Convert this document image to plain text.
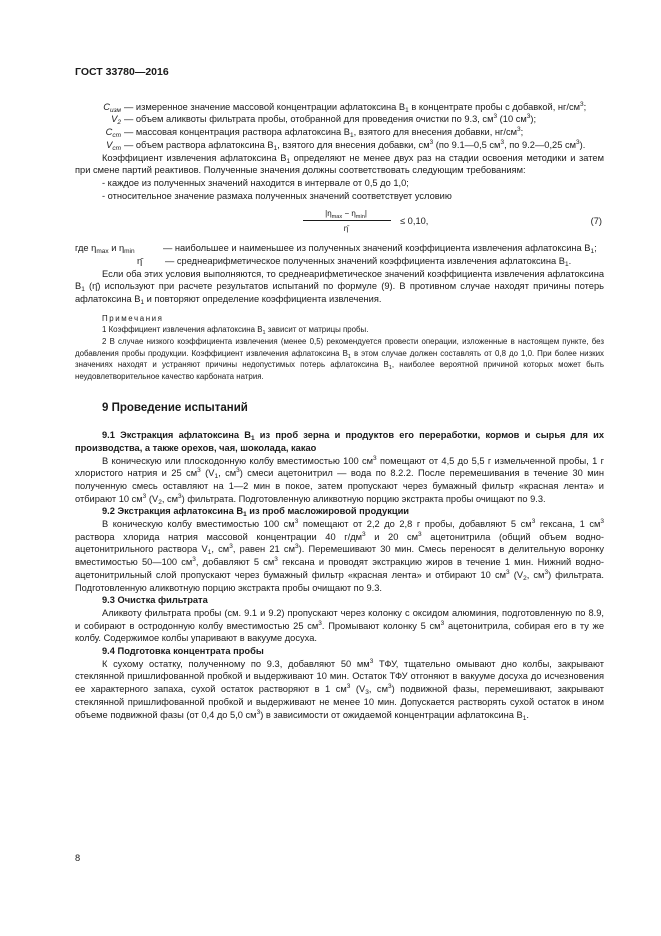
ГОСТ 33780—2016
$C_{изм}$ — измеренное значение массовой концентрации афлатоксина $В_1$ в концентрате пробы с добавкой, $нг/см^3$;
$V_2$ — объем аликвоты фильтрата пробы, отобранной для проведения очистки по 9.3, $см^3$ (10 $см^3$);
$C_{ст}$ — массовая концентрация раствора афлатоксина $В_1$, взятого для внесения добавки, $нг/см^3$;
$V_{ст}$ — объем раствора афлатоксина $В_1$, взятого для внесения добавки, $см^3$ (по 9.1—0,5 $см^3$, по 9.2—0,25 $см^3$).

Коэффициент извлечения афлатоксина $В_1$ определяют не менее двух раз на стадии освоения методики и затем при смене партий реактивов. Полученные значения должны соответствовать следующим требованиям:

- каждое из полученных значений находится в интервале от 0,5 до 1,0;
- относительное значение размаха полученных значений соответствует условию
$|\eta_{max} - \eta_{min}|$
η̄
≤ 0,10,	(7)
где $\eta_{max}$ и $\eta_{min}$	— наибольшее и наименьшее из полученных значений коэффициента извлечения афлатоксина $В_1$;
η̄	— среднеарифметическое полученных значений коэффициента извлечения афлатоксина $В_1$.

Если оба этих условия выполняются, то среднеарифметическое значений коэффициента извлечения афлатоксина $В_1$ (η̄) используют при расчете результатов испытаний по формуле (9). В противном случае находят причины потерь афлатоксина $В_1$ и повторяют определение коэффициента извлечения.

Примечания
1 Коэффициент извлечения афлатоксина $В_1$ зависит от матрицы пробы.
2 В случае низкого коэффициента извлечения (менее 0,5) рекомендуется провести операции, изложенные в настоящем пункте, без добавления пробы продукции. Коэффициент извлечения афлатоксина $В_1$ в этом случае должен составлять от 0,8 до 1,0. При более низких значениях находят и устраняют причины недопустимых потерь афлатоксина $В_1$, наиболее вероятной причиной которых может быть неудовлетворительное качество карбоната натрия.
9 Проведение испытаний

9.1 Экстракция афлатоксина $В_1$ из проб зерна и продуктов его переработки, кормов и сырья для их производства, а также орехов, чая, шоколада, какао

В коническую или плоскодонную колбу вместимостью 100 $см^3$ помещают от 4,5 до 5,5 г измельченной пробы, 1 г хлористого натрия и 25 $см^3$ ($V_1$, $см^3$) смеси ацетонитрил — вода по 8.2.2. После перемешивания в течение 30 мин полученную смесь оставляют на 1—2 мин в покое, затем пропускают через бумажный фильтр «красная лента» и отбирают 10 $см^3$ ($V_2$, $см^3$) фильтрата. Подготовленную аликвотную порцию экстракта пробы очищают по 9.3.

9.2 Экстракция афлатоксина $В_1$ из проб масложировой продукции

В коническую колбу вместимостью 100 $см^3$ помещают от 2,2 до 2,8 г пробы, добавляют 5 $см^3$ гексана, 1 $см^3$ раствора хлорида натрия массовой концентрации 40 $г/дм^3$ и 20 $см^3$ ацетонитрила (общий объем водно-ацетонитрильного раствора $V_1$, $см^3$, равен 21 $см^3$). Перемешивают 30 мин. Смесь переносят в делительную воронку вместимостью 50—100 $см^3$, добавляют 5 $см^3$ гексана и проводят экстракцию жиров в течение 1 мин. Нижний водно-ацетонитрильный слой пропускают через бумажный фильтр «красная лента» и отбирают 10 $см^3$ ($V_2$, $см^3$) фильтрата. Подготовленную аликвотную порцию экстракта пробы очищают по 9.3.

9.3 Очистка фильтрата

Аликвоту фильтрата пробы (см. 9.1 и 9.2) пропускают через колонку с оксидом алюминия, подготовленную по 8.9, и собирают в остродонную колбу вместимостью 25 $см^3$. Промывают колонку 5 $см^3$ ацетонитрила, собирая его в ту же колбу. Содержимое колбы упаривают в вакууме досуха.

9.4 Подготовка концентрата пробы

К сухому остатку, полученному по 9.3, добавляют 50 $мм^3$ ТФУ, тщательно омывают дно колбы, закрывают стеклянной пришлифованной пробкой и выдерживают 10 мин. Остаток ТФУ отгоняют в вакууме досуха до исчезновения ее характерного запаха, сухой остаток растворяют в 1 $см^3$ ($V_3$, $см^3$) подвижной фазы, перемешивают, закрывают стеклянной пришлифованной пробкой и выдерживают не менее 10 мин. Допускается растворять сухой остаток в ином объеме подвижной фазы (от 0,4 до 5,0 $см^3$) в зависимости от ожидаемой концентрации афлатоксина $В_1$.

8
